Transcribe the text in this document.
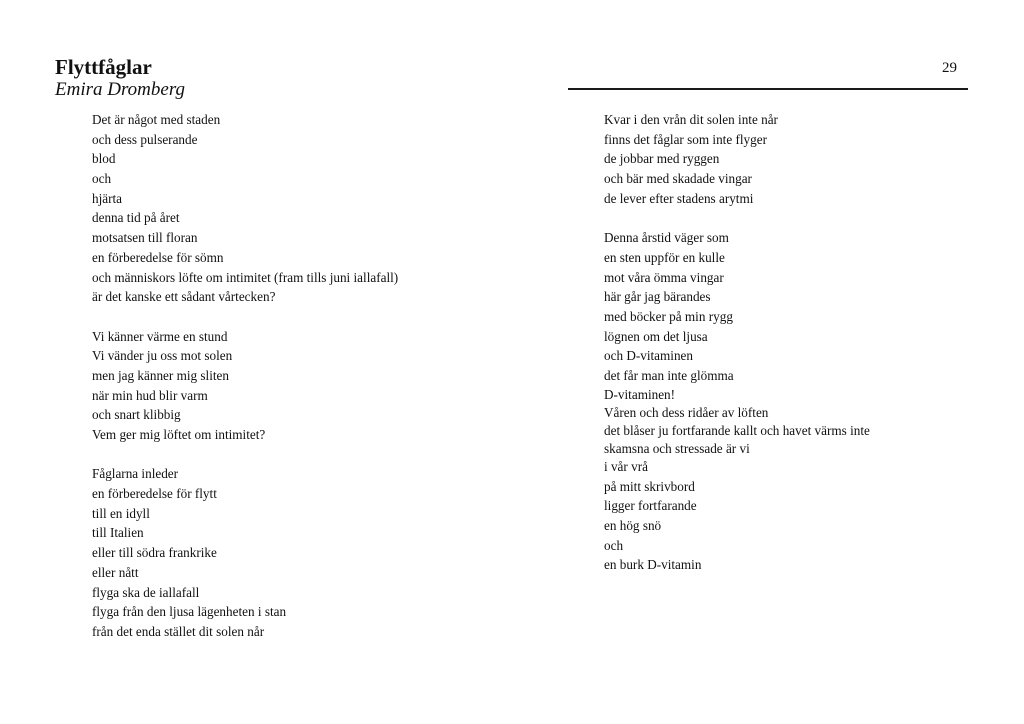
Flyttfåglar
Emira Dromberg
29
Det är något med staden
och dess pulserande
blod
och
hjärta
denna tid på året
motsatsen till floran
en förberedelse för sömn
och människors löfte om intimitet (fram tills juni iallafall)
är det kanske ett sådant vårtecken?
Vi känner värme en stund
Vi vänder ju oss mot solen
men jag känner mig sliten
när min hud blir varm
och snart klibbig
Vem ger mig löftet om intimitet?
Fåglarna inleder
en förberedelse för flytt
till en idyll
till Italien
eller till södra frankrike
eller nått
flyga ska de iallafall
flyga från den ljusa lägenheten i stan
från det enda stället dit solen når
Kvar i den vrån dit solen inte når
finns det fåglar som inte flyger
de jobbar med ryggen
och bär med skadade vingar
de lever efter stadens arytmi
Denna årstid väger som
en sten uppför en kulle
mot våra ömma vingar
här går jag bärandes
med böcker på min rygg
lögnen om det ljusa
och D-vitaminen
det får man inte glömma
D-vitaminen!
Våren och dess ridåer av löften
det blåser ju fortfarande kallt och havet värms inte
skamsna och stressade är vi
i vår vrå
på mitt skrivbord
ligger fortfarande
en hög snö
och
en burk D-vitamin
